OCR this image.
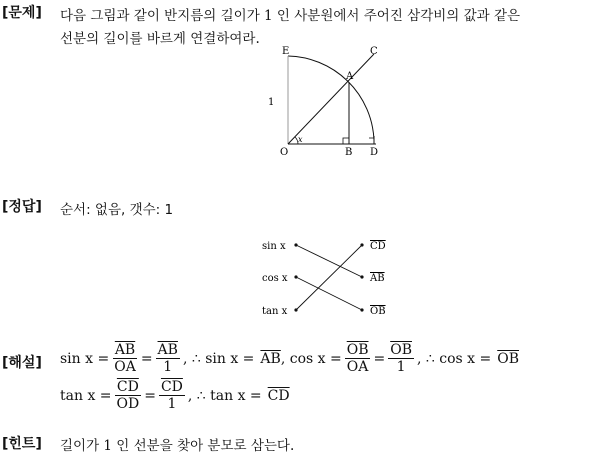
[문제] 다음 그림과 같이 반지름의 길이가 1 인 사분원에서 주어진 삼각비의 값과 같은
선분의 길이를 바르게 연결하여라.
E	C
A
O	B D
1
x
[정답] 순서: 없음, 갯수: 1
sin x
cos x
tan x
CD
AB
OB
[해설] $\sin x = \frac{\overline{AB}}{OA} = \frac{\overline{AB}}{1}$ , ∴ $\sin x = \overline{AB}$ , $\cos x = \frac{\overline{OB}}{OA} = \frac{\overline{OB}}{1}$ , ∴ $\cos x = \overline{OB}$
$\tan x = \frac{\overline{CD}}{OD} = \frac{\overline{CD}}{1}$ , ∴ $\tan x = \overline{CD}$
[힌트] 길이가 1 인 선분을 찾아 분모로 삼는다.
